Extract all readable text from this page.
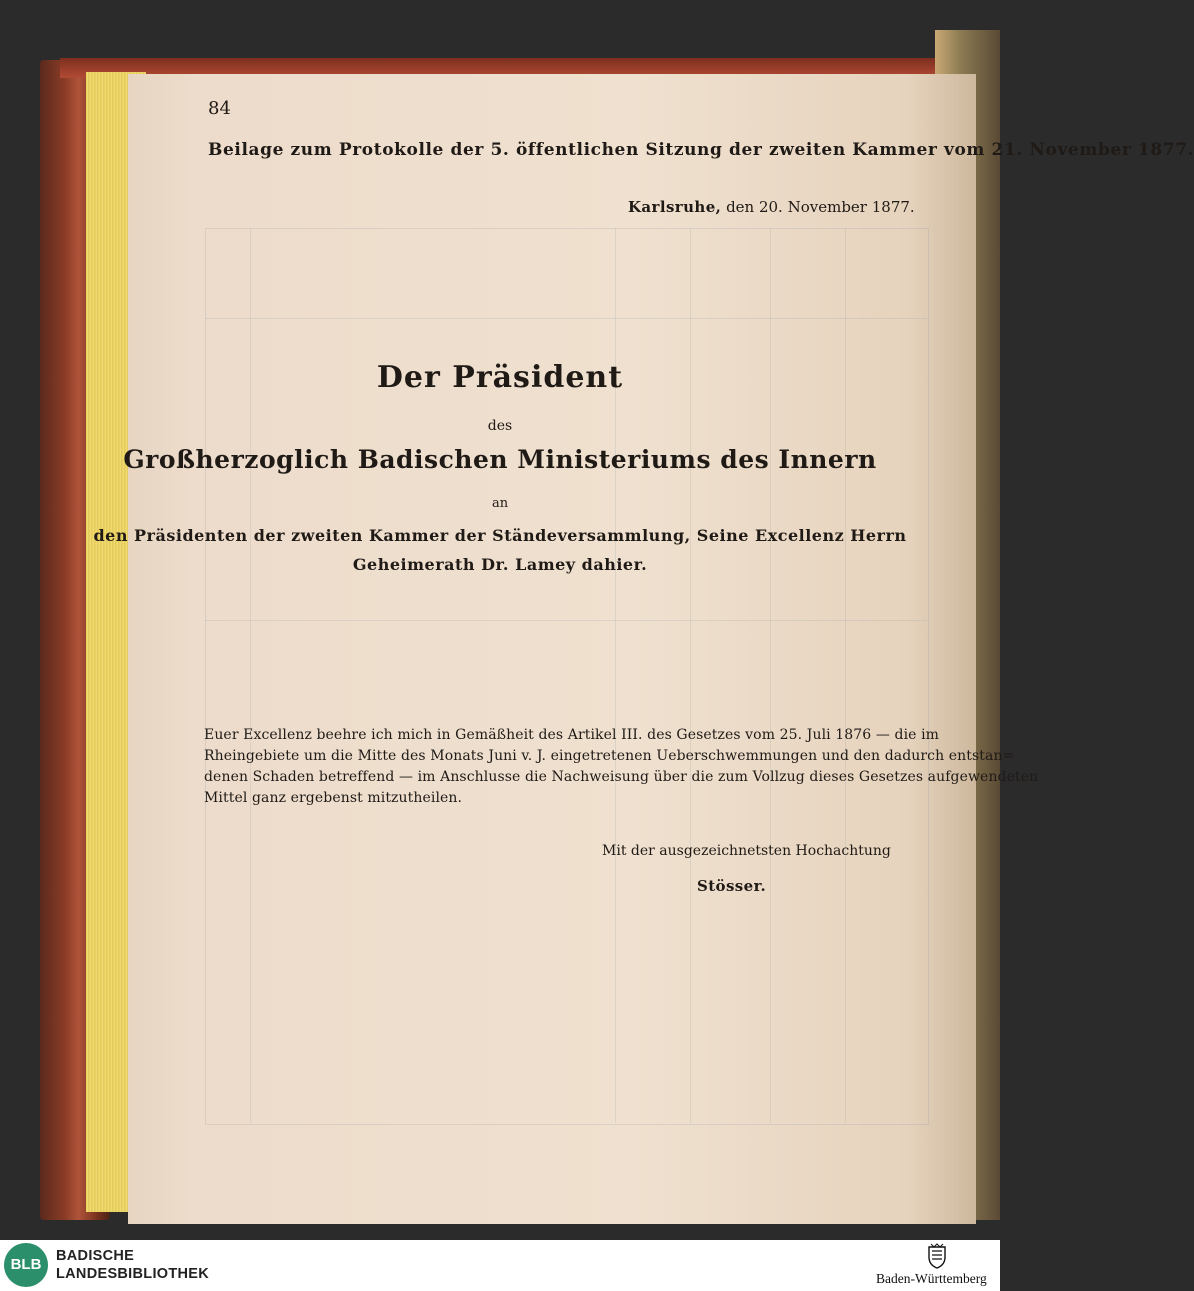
84
Beilage zum Protokolle der 5. öffentlichen Sitzung der zweiten Kammer vom 21. November 1877.
Karlsruhe, den 20. November 1877.
Der Präsident
des
Großherzoglich Badischen Ministeriums des Innern
an
den Präsidenten der zweiten Kammer der Ständeversammlung, Seine Excellenz Herrn
Geheimerath Dr. Lamey dahier.
Euer Excellenz beehre ich mich in Gemäßheit des Artikel III. des Gesetzes vom 25. Juli 1876 — die im
Rheingebiete um die Mitte des Monats Juni v. J. eingetretenen Ueberschwemmungen und den dadurch entstan=
denen Schaden betreffend — im Anschlusse die Nachweisung über die zum Vollzug dieses Gesetzes aufgewendeten
Mittel ganz ergebenst mitzutheilen.
Mit der ausgezeichnetsten Hochachtung
Stösser.
BLB	BADISCHE
LANDESBIBLIOTHEK	Baden-Württemberg
